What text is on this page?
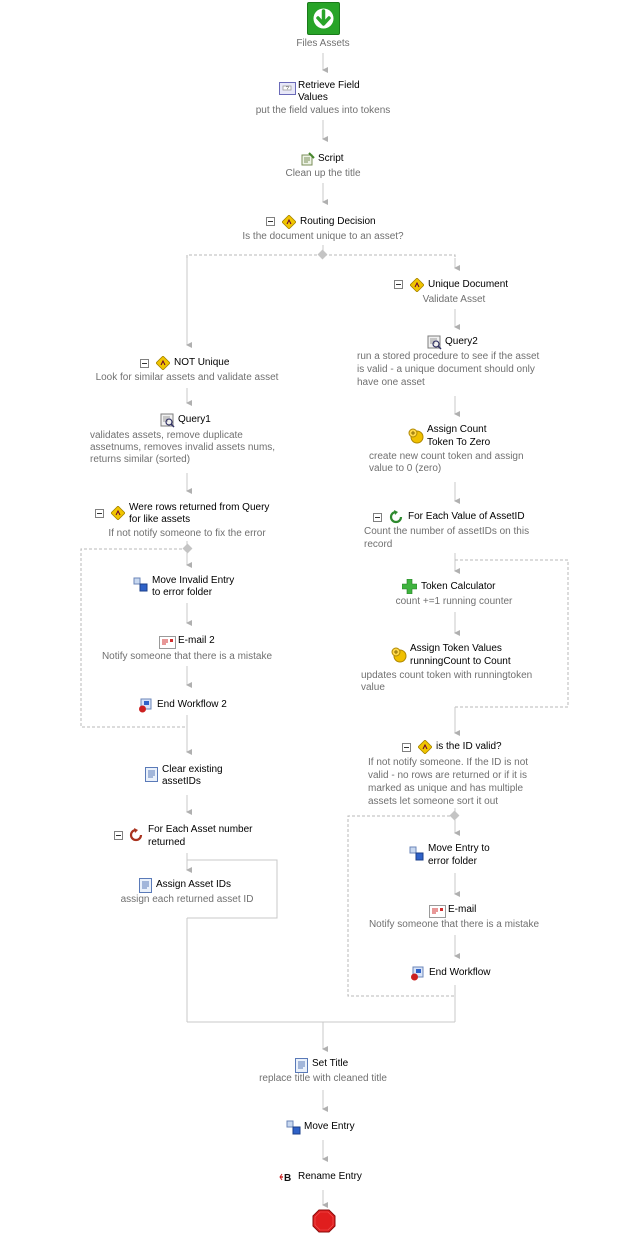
Files Assets
? Retrieve Field
Values
put the field values into tokens
Script
Clean up the title
Routing Decision
Is the document unique to an asset?
NOT Unique
Look for similar assets and validate asset
Query1
validates assets, remove duplicate
assetnums, removes invalid assets nums,
returns similar (sorted)
Were rows returned from Query
for like assets
If not notify someone to fix the error
Move Invalid Entry
to error folder
E-mail 2
Notify someone that there is a mistake
End Workflow 2
Clear existing
assetIDs
For Each Asset number
returned
Assign Asset IDs
assign each returned asset ID
Unique Document
Validate Asset
Query2
run a stored procedure to see if the asset
is valid - a unique document should only
have one asset
Assign Count
Token To Zero
create new count token and assign
value to 0 (zero)
For Each Value of AssetID
Count the number of assetIDs on this
record
Token Calculator
count +=1 running counter
Assign Token Values
runningCount to Count
updates count token with runningtoken
value
is the ID valid?
If not notify someone. If the ID is not
valid - no rows are returned or if it is
marked as unique and has multiple
assets let someone sort it out
Move Entry to
error folder
E-mail
Notify someone that there is a mistake
End Workflow
Set Title
replace title with cleaned title
Move Entry
B Rename Entry
